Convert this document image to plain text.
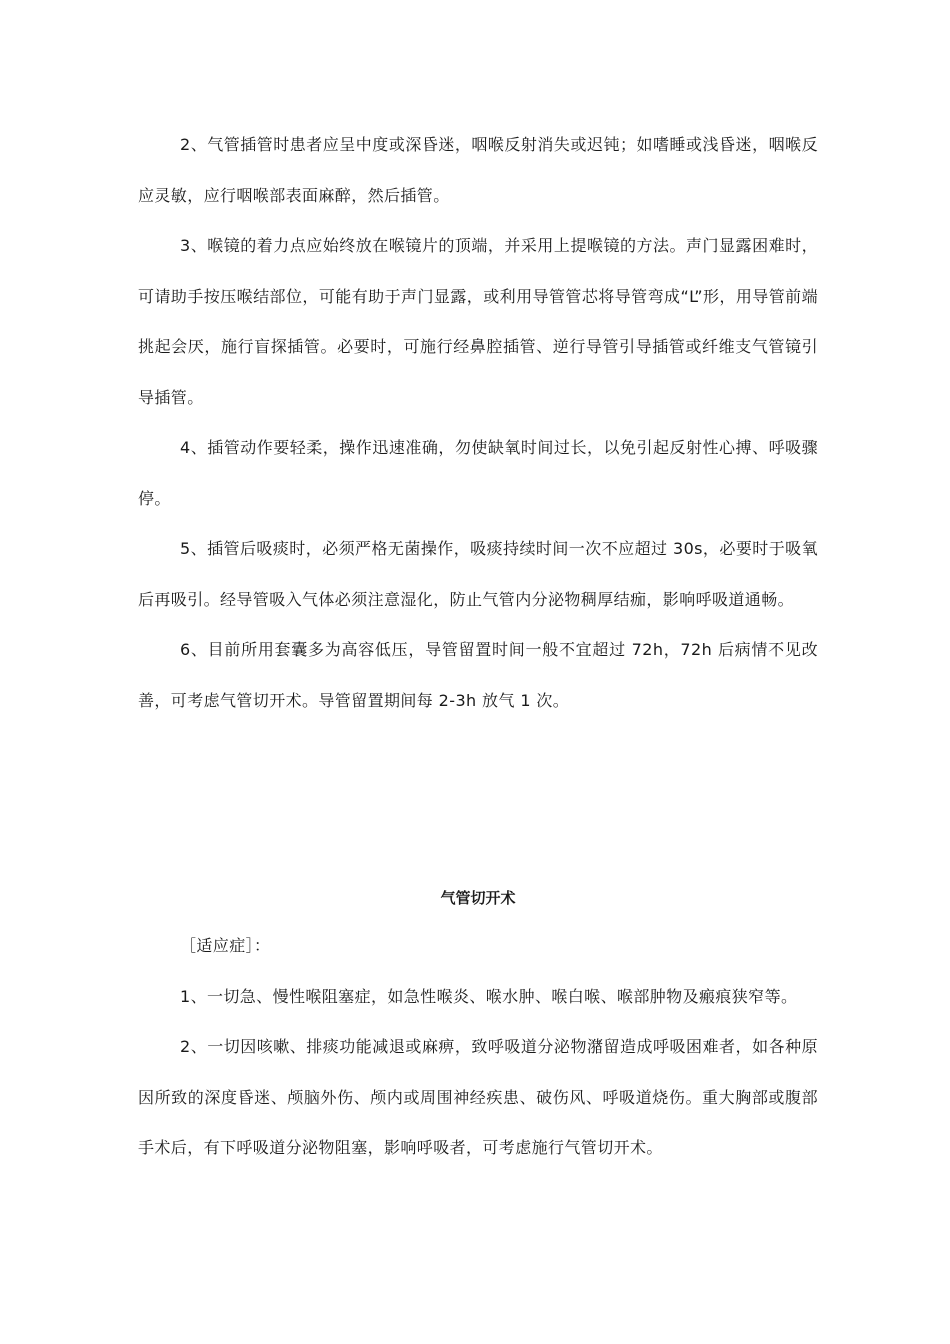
2、气管插管时患者应呈中度或深昏迷，咽喉反射消失或迟钝；如嗜睡或浅昏迷，咽喉反应灵敏，应行咽喉部表面麻醉，然后插管。

3、喉镜的着力点应始终放在喉镜片的顶端，并采用上提喉镜的方法。声门显露困难时，可请助手按压喉结部位，可能有助于声门显露，或利用导管管芯将导管弯成“L”形，用导管前端挑起会厌，施行盲探插管。必要时，可施行经鼻腔插管、逆行导管引导插管或纤维支气管镜引导插管。

4、插管动作要轻柔，操作迅速准确，勿使缺氧时间过长，以免引起反射性心搏、呼吸骤停。

5、插管后吸痰时，必须严格无菌操作，吸痰持续时间一次不应超过 30s，必要时于吸氧后再吸引。经导管吸入气体必须注意湿化，防止气管内分泌物稠厚结痂，影响呼吸道通畅。

6、目前所用套囊多为高容低压，导管留置时间一般不宜超过 72h，72h 后病情不见改善，可考虑气管切开术。导管留置期间每 2-3h 放气 1 次。

气管切开术

［适应症］：

1、一切急、慢性喉阻塞症，如急性喉炎、喉水肿、喉白喉、喉部肿物及瘢痕狭窄等。

2、一切因咳嗽、排痰功能减退或麻痹，致呼吸道分泌物潴留造成呼吸困难者，如各种原因所致的深度昏迷、颅脑外伤、颅内或周围神经疾患、破伤风、呼吸道烧伤。重大胸部或腹部手术后，有下呼吸道分泌物阻塞，影响呼吸者，可考虑施行气管切开术。
